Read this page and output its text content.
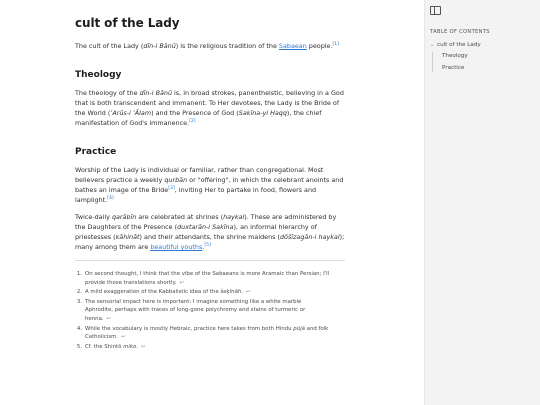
cult of the Lady

The cult of the Lady (dīn-i Bānū) is the religious tradition of the Sabaean people.[1]

Theology

The theology of the dīn-i Bānū is, in broad strokes, panentheistic, believing in a God that is both transcendent and immanent. To Her devotees, the Lady is the Bride of the World (ʿArūs-i ʿĀlam) and the Presence of God (Sakīna-yi Ḥaqq), the chief manifestation of God's immanence.[2]

Practice

Worship of the Lady is individual or familiar, rather than congregational. Most believers practice a weekly qurbān or "offering", in which the celebrant anoints and bathes an image of the Bride[3], inviting Her to partake in food, flowers and lamplight.[4]

Twice-daily qarābīn are celebrated at shrines (haykal). These are administered by the Daughters of the Presence (duxtarān-i Sakīna), an informal hierarchy of priestesses (kāhināt) and their attendants, the shrine maidens (dōšīzagān-i haykal); many among them are beautiful youths.[5]

1. On second thought, I think that the vibe of the Sabaeans is more Aramaic than Persian; I'll provide those translations shortly. ↩
2. A mild exaggeration of the Kabbalistic idea of the šeḵīnāh. ↩
3. The sensorial impact here is important: I imagine something like a white marble Aphrodite, perhaps with traces of long-gone polychromy and stains of turmeric or henna. ↩
4. While the vocabulary is mostly Hebraic, practice here takes from both Hindu pūjā and folk Catholicism. ↩
5. Cf. the Shintō miko. ↩
TABLE OF CONTENTS
⌄ cult of the Lady
Theology
Practice
